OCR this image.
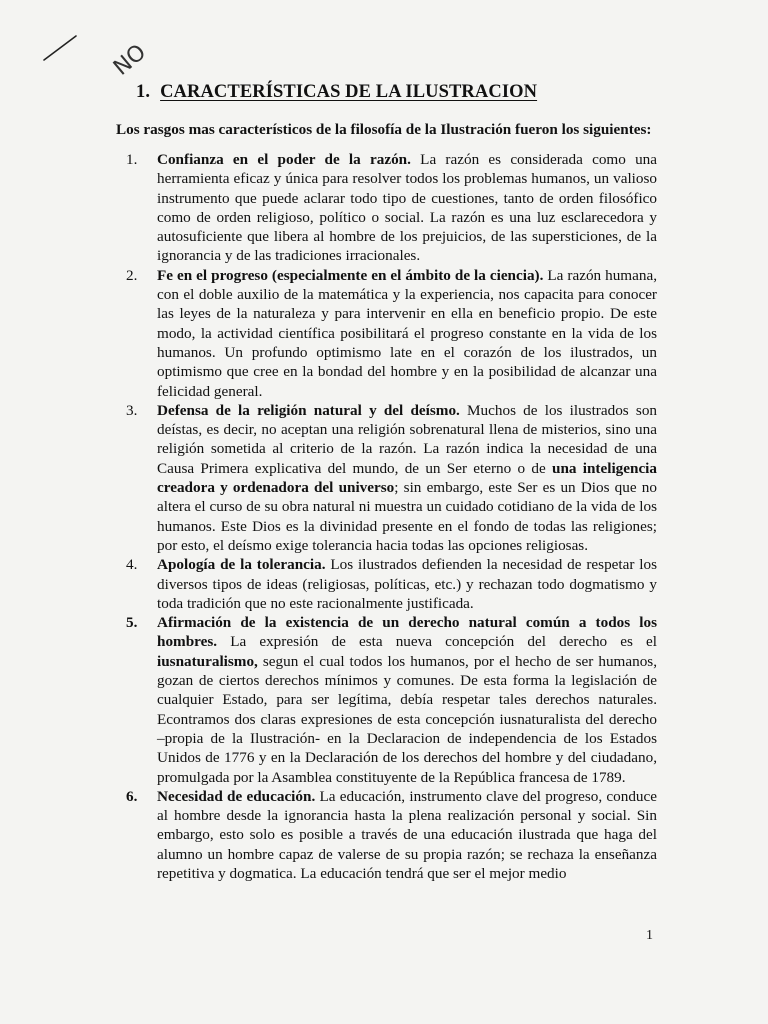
NO
1. CARACTERÍSTICAS DE LA ILUSTRACION
Los rasgos mas característicos de la filosofía de la Ilustración fueron los siguientes:
1. Confianza en el poder de la razón. La razón es considerada como una herramienta eficaz y única para resolver todos los problemas humanos, un valioso instrumento que puede aclarar todo tipo de cuestiones, tanto de orden filosófico como de orden religioso, político o social. La razón es una luz esclarecedora y autosuficiente que libera al hombre de los prejuicios, de las supersticiones, de la ignorancia y de las tradiciones irracionales.

2. Fe en el progreso (especialmente en el ámbito de la ciencia). La razón humana, con el doble auxilio de la matemática y la experiencia, nos capacita para conocer las leyes de la naturaleza y para intervenir en ella en beneficio propio. De este modo, la actividad científica posibilitará el progreso constante en la vida de los humanos. Un profundo optimismo late en el corazón de los ilustrados, un optimismo que cree en la bondad del hombre y en la posibilidad de alcanzar una felicidad general.

3. Defensa de la religión natural y del deísmo. Muchos de los ilustrados son deístas, es decir, no aceptan una religión sobrenatural llena de misterios, sino una religión sometida al criterio de la razón. La razón indica la necesidad de una Causa Primera explicativa del mundo, de un Ser eterno o de una inteligencia creadora y ordenadora del universo; sin embargo, este Ser es un Dios que no altera el curso de su obra natural ni muestra un cuidado cotidiano de la vida de los humanos. Este Dios es la divinidad presente en el fondo de todas las religiones; por esto, el deísmo exige tolerancia hacia todas las opciones religiosas.

4. Apología de la tolerancia. Los ilustrados defienden la necesidad de respetar los diversos tipos de ideas (religiosas, políticas, etc.) y rechazan todo dogmatismo y toda tradición que no este racionalmente justificada.

5. Afirmación de la existencia de un derecho natural común a todos los hombres. La expresión de esta nueva concepción del derecho es el iusnaturalismo, segun el cual todos los humanos, por el hecho de ser humanos, gozan de ciertos derechos mínimos y comunes. De esta forma la legislación de cualquier Estado, para ser legítima, debía respetar tales derechos naturales. Econtramos dos claras expresiones de esta concepción iusnaturalista del derecho –propia de la Ilustración- en la Declaracion de independencia de los Estados Unidos de 1776 y en la Declaración de los derechos del hombre y del ciudadano, promulgada por la Asamblea constituyente de la República francesa de 1789.

6. Necesidad de educación. La educación, instrumento clave del progreso, conduce al hombre desde la ignorancia hasta la plena realización personal y social. Sin embargo, esto solo es posible a través de una educación ilustrada que haga del alumno un hombre capaz de valerse de su propia razón; se rechaza la enseñanza repetitiva y dogmatica. La educación tendrá que ser el mejor medio

1
